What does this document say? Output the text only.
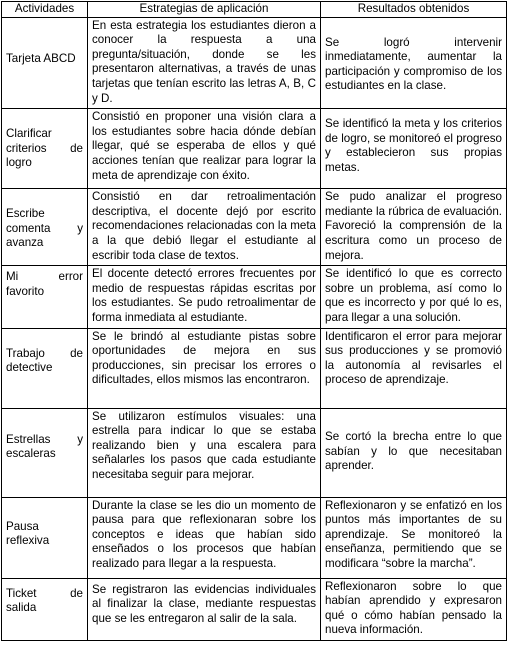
Actividades	Estrategias de aplicación	Resultados obtenidos
Tarjeta ABCD	En esta estrategia los estudiantes dieron a conocer la respuesta a una pregunta/situación, donde se les presentaron alternativas, a través de unas tarjetas que tenían escrito las letras A, B, C y D.	Se logró intervenir inmediatamente, aumentar la participación y compromiso de los estudiantes en la clase.
Clarificar criterios de logro	Consistió en proponer una visión clara a los estudiantes sobre hacia dónde debían llegar, qué se esperaba de ellos y qué acciones tenían que realizar para lograr la meta de aprendizaje con éxito.	Se identificó la meta y los criterios de logro, se monitoreó el progreso y establecieron sus propias metas.
Escribe comenta y avanza	Consistió en dar retroalimentación descriptiva, el docente dejó por escrito recomendaciones relacionadas con la meta a la que debió llegar el estudiante al escribir toda clase de textos.	Se pudo analizar el progreso mediante la rúbrica de evaluación. Favoreció la comprensión de la escritura como un proceso de mejora.
Mi error favorito	El docente detectó errores frecuentes por medio de respuestas rápidas escritas por los estudiantes. Se pudo retroalimentar de forma inmediata al estudiante.	Se identificó lo que es correcto sobre un problema, así como lo que es incorrecto y por qué lo es, para llegar a una solución.
Trabajo de detective	Se le brindó al estudiante pistas sobre oportunidades de mejora en sus producciones, sin precisar los errores o dificultades, ellos mismos las encontraron.	Identificaron el error para mejorar sus producciones y se promovió la autonomía al revisarles el proceso de aprendizaje.
Estrellas y escaleras	Se utilizaron estímulos visuales: una estrella para indicar lo que se estaba realizando bien y una escalera para señalarles los pasos que cada estudiante necesitaba seguir para mejorar.	Se cortó la brecha entre lo que sabían y lo que necesitaban aprender.
Pausa reflexiva	Durante la clase se les dio un momento de pausa para que reflexionaran sobre los conceptos e ideas que habían sido enseñados o los procesos que habían realizado para llegar a la respuesta.	Reflexionaron y se enfatizó en los puntos más importantes de su aprendizaje. Se monitoreó la enseñanza, permitiendo que se modificara “sobre la marcha”.
Ticket de salida	Se registraron las evidencias individuales al finalizar la clase, mediante respuestas que se les entregaron al salir de la sala.	Reflexionaron sobre lo que habían aprendido y expresaron qué o cómo habían pensado la nueva información.
